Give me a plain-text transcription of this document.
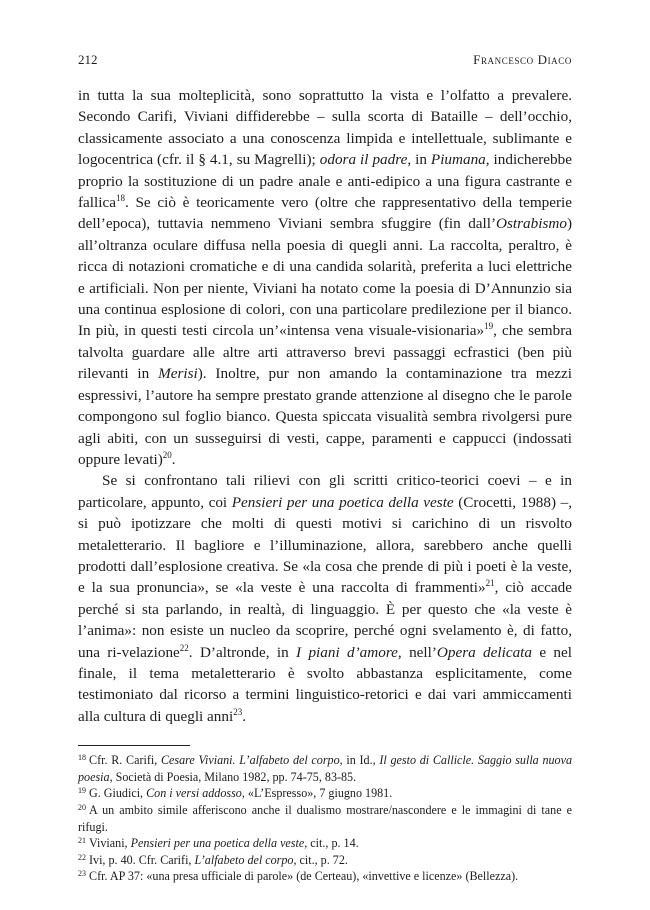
212	Francesco Diaco

in tutta la sua molteplicità, sono soprattutto la vista e l’olfatto a prevalere. Secondo Carifi, Viviani diffiderebbe – sulla scorta di Bataille – dell’occhio, classicamente associato a una conoscenza limpida e intellettuale, sublimante e logocentrica (cfr. il § 4.1, su Magrelli); odora il padre, in Piumana, indicherebbe proprio la sostituzione di un padre anale e anti-edipico a una figura castrante e fallica$^{18}$. Se ciò è teoricamente vero (oltre che rappresentativo della temperie dell’epoca), tuttavia nemmeno Viviani sembra sfuggire (fin dall’Ostrabismo) all’oltranza oculare diffusa nella poesia di quegli anni. La raccolta, peraltro, è ricca di notazioni cromatiche e di una candida solarità, preferita a luci elettriche e artificiali. Non per niente, Viviani ha notato come la poesia di D’Annunzio sia una continua esplosione di colori, con una particolare predilezione per il bianco. In più, in questi testi circola un’«intensa vena visuale-visionaria»$^{19}$, che sembra talvolta guardare alle altre arti attraverso brevi passaggi ecfrastici (ben più rilevanti in Merisi). Inoltre, pur non amando la contaminazione tra mezzi espressivi, l’autore ha sempre prestato grande attenzione al disegno che le parole compongono sul foglio bianco. Questa spiccata visualità sembra rivolgersi pure agli abiti, con un susseguirsi di vesti, cappe, paramenti e cappucci (indossati oppure levati)$^{20}$.

Se si confrontano tali rilievi con gli scritti critico-teorici coevi – e in particolare, appunto, coi Pensieri per una poetica della veste (Crocetti, 1988) –, si può ipotizzare che molti di questi motivi si carichino di un risvolto metaletterario. Il bagliore e l’illuminazione, allora, sarebbero anche quelli prodotti dall’esplosione creativa. Se «la cosa che prende di più i poeti è la veste, e la sua pronuncia», se «la veste è una raccolta di frammenti»$^{21}$, ciò accade perché si sta parlando, in realtà, di linguaggio. È per questo che «la veste è l’anima»: non esiste un nucleo da scoprire, perché ogni svelamento è, di fatto, una ri-velazione$^{22}$. D’altronde, in I piani d’amore, nell’Opera delicata e nel finale, il tema metaletterario è svolto abbastanza esplicitamente, come testimoniato dal ricorso a termini linguistico-retorici e dai vari ammiccamenti alla cultura di quegli anni$^{23}$.

$^{18}$ Cfr. R. Carifi, Cesare Viviani. L’alfabeto del corpo, in Id., Il gesto di Callicle. Saggio sulla nuova poesia, Società di Poesia, Milano 1982, pp. 74-75, 83-85.

$^{19}$ G. Giudici, Con i versi addosso, «L’Espresso», 7 giugno 1981.

$^{20}$ A un ambito simile afferiscono anche il dualismo mostrare/nascondere e le immagini di tane e rifugi.

$^{21}$ Viviani, Pensieri per una poetica della veste, cit., p. 14.

$^{22}$ Ivi, p. 40. Cfr. Carifi, L’alfabeto del corpo, cit., p. 72.

$^{23}$ Cfr. AP 37: «una presa ufficiale di parole» (de Certeau), «invettive e licenze» (Bellezza).
